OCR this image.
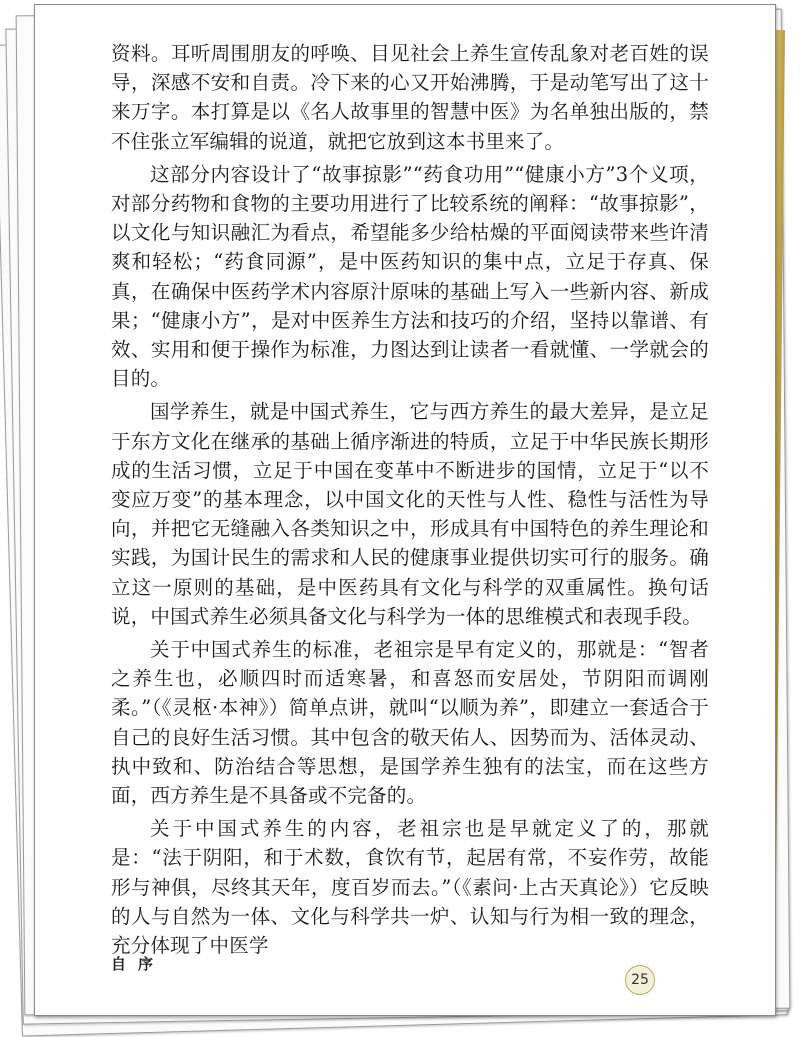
资料。耳听周围朋友的呼唤、目见社会上养生宣传乱象对老百姓的误导，深感不安和自责。冷下来的心又开始沸腾，于是动笔写出了这十来万字。本打算是以《名人故事里的智慧中医》为名单独出版的，禁不住张立军编辑的说道，就把它放到这本书里来了。

这部分内容设计了“故事掠影”“药食功用”“健康小方”3个义项，对部分药物和食物的主要功用进行了比较系统的阐释：“故事掠影”，以文化与知识融汇为看点，希望能多少给枯燥的平面阅读带来些许清爽和轻松；“药食同源”，是中医药知识的集中点，立足于存真、保真，在确保中医药学术内容原汁原味的基础上写入一些新内容、新成果；“健康小方”，是对中医养生方法和技巧的介绍，坚持以靠谱、有效、实用和便于操作为标准，力图达到让读者一看就懂、一学就会的目的。

国学养生，就是中国式养生，它与西方养生的最大差异，是立足于东方文化在继承的基础上循序渐进的特质，立足于中华民族长期形成的生活习惯，立足于中国在变革中不断进步的国情，立足于“以不变应万变”的基本理念，以中国文化的天性与人性、稳性与活性为导向，并把它无缝融入各类知识之中，形成具有中国特色的养生理论和实践，为国计民生的需求和人民的健康事业提供切实可行的服务。确立这一原则的基础，是中医药具有文化与科学的双重属性。换句话说，中国式养生必须具备文化与科学为一体的思维模式和表现手段。

关于中国式养生的标准，老祖宗是早有定义的，那就是：“智者之养生也，必顺四时而适寒暑，和喜怒而安居处，节阴阳而调刚柔。”（《灵枢·本神》）简单点讲，就叫“以顺为养”，即建立一套适合于自己的良好生活习惯。其中包含的敬天佑人、因势而为、活体灵动、执中致和、防治结合等思想，是国学养生独有的法宝，而在这些方面，西方养生是不具备或不完备的。

关于中国式养生的内容，老祖宗也是早就定义了的，那就是：“法于阴阳，和于术数，食饮有节，起居有常，不妄作劳，故能形与神俱，尽终其天年，度百岁而去。”（《素问·上古天真论》）它反映的人与自然为一体、文化与科学共一炉、认知与行为相一致的理念，充分体现了中医学

自序
25
